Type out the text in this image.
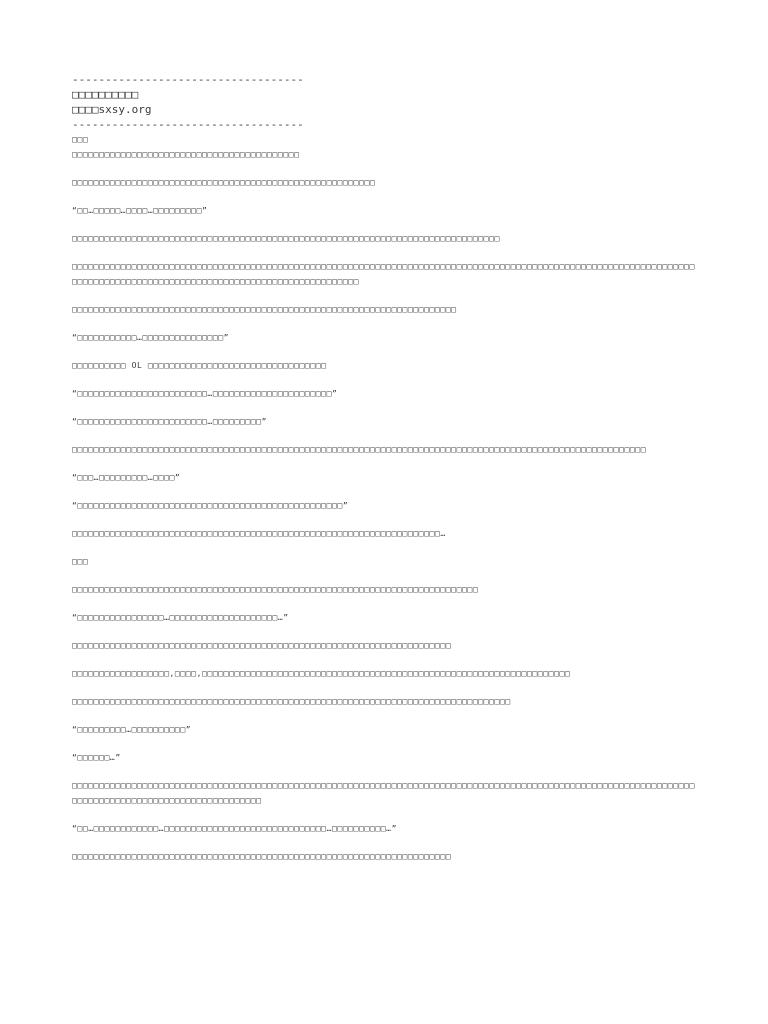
-----------------------------------
□□□□□□□□□□
□□□□sxsy.org
-----------------------------------
□□□
□□□□□□□□□□□□□□□□□□□□□□□□□□□□□□□□□□□□□□□□□□
□□□□□□□□□□□□□□□□□□□□□□□□□□□□□□□□□□□□□□□□□□□□□□□□□□□□□□□□
“□□…□□□□□…□□□□…□□□□□□□□□”
□□□□□□□□□□□□□□□□□□□□□□□□□□□□□□□□□□□□□□□□□□□□□□□□□□□□□□□□□□□□□□□□□□□□□□□□□□□□□□□
□□□□□□□□□□□□□□□□□□□□□□□□□□□□□□□□□□□□□□□□□□□□□□□□□□□□□□□□□□□□□□□□□□□□□□□□□□□□□□□□□□□□□□□□□□□□□□□□□□□□□□□□□□□□□□□□□□□□□□□□□□□□□□□□□□□□□□□□□□□□□□□□□□□□□□□□□□□□□□□□□□□□□□□□
□□□□□□□□□□□□□□□□□□□□□□□□□□□□□□□□□□□□□□□□□□□□□□□□□□□□□□□□□□□□□□□□□□□□□□□
“□□□□□□□□□□□…□□□□□□□□□□□□□□□”
□□□□□□□□□□ OL □□□□□□□□□□□□□□□□□□□□□□□□□□□□□□□□□
“□□□□□□□□□□□□□□□□□□□□□□□□…□□□□□□□□□□□□□□□□□□□□□□”
“□□□□□□□□□□□□□□□□□□□□□□□□…□□□□□□□□□”
□□□□□□□□□□□□□□□□□□□□□□□□□□□□□□□□□□□□□□□□□□□□□□□□□□□□□□□□□□□□□□□□□□□□□□□□□□□□□□□□□□□□□□□□□□□□□□□□□□□□□□□□□□
“□□□…□□□□□□□□□…□□□□”
“□□□□□□□□□□□□□□□□□□□□□□□□□□□□□□□□□□□□□□□□□□□□□□□□□”
□□□□□□□□□□□□□□□□□□□□□□□□□□□□□□□□□□□□□□□□□□□□□□□□□□□□□□□□□□□□□□□□□□□□…
□□□
□□□□□□□□□□□□□□□□□□□□□□□□□□□□□□□□□□□□□□□□□□□□□□□□□□□□□□□□□□□□□□□□□□□□□□□□□□□
“□□□□□□□□□□□□□□□□…□□□□□□□□□□□□□□□□□□□□…”
□□□□□□□□□□□□□□□□□□□□□□□□□□□□□□□□□□□□□□□□□□□□□□□□□□□□□□□□□□□□□□□□□□□□□□
□□□□□□□□□□□□□□□□□□,□□□□,□□□□□□□□□□□□□□□□□□□□□□□□□□□□□□□□□□□□□□□□□□□□□□□□□□□□□□□□□□□□□□□□□□□□
□□□□□□□□□□□□□□□□□□□□□□□□□□□□□□□□□□□□□□□□□□□□□□□□□□□□□□□□□□□□□□□□□□□□□□□□□□□□□□□□□
“□□□□□□□□□…□□□□□□□□□□”
“□□□□□□…”
□□□□□□□□□□□□□□□□□□□□□□□□□□□□□□□□□□□□□□□□□□□□□□□□□□□□□□□□□□□□□□□□□□□□□□□□□□□□□□□□□□□□□□□□□□□□□□□□□□□□□□□□□□□□□□□□□□□□□□□□□□□□□□□□□□□□□□□□□□□□□□□□□□□□□□
“□□…□□□□□□□□□□□□…□□□□□□□□□□□□□□□□□□□□□□□□□□□□□□…□□□□□□□□□□…”
□□□□□□□□□□□□□□□□□□□□□□□□□□□□□□□□□□□□□□□□□□□□□□□□□□□□□□□□□□□□□□□□□□□□□□
